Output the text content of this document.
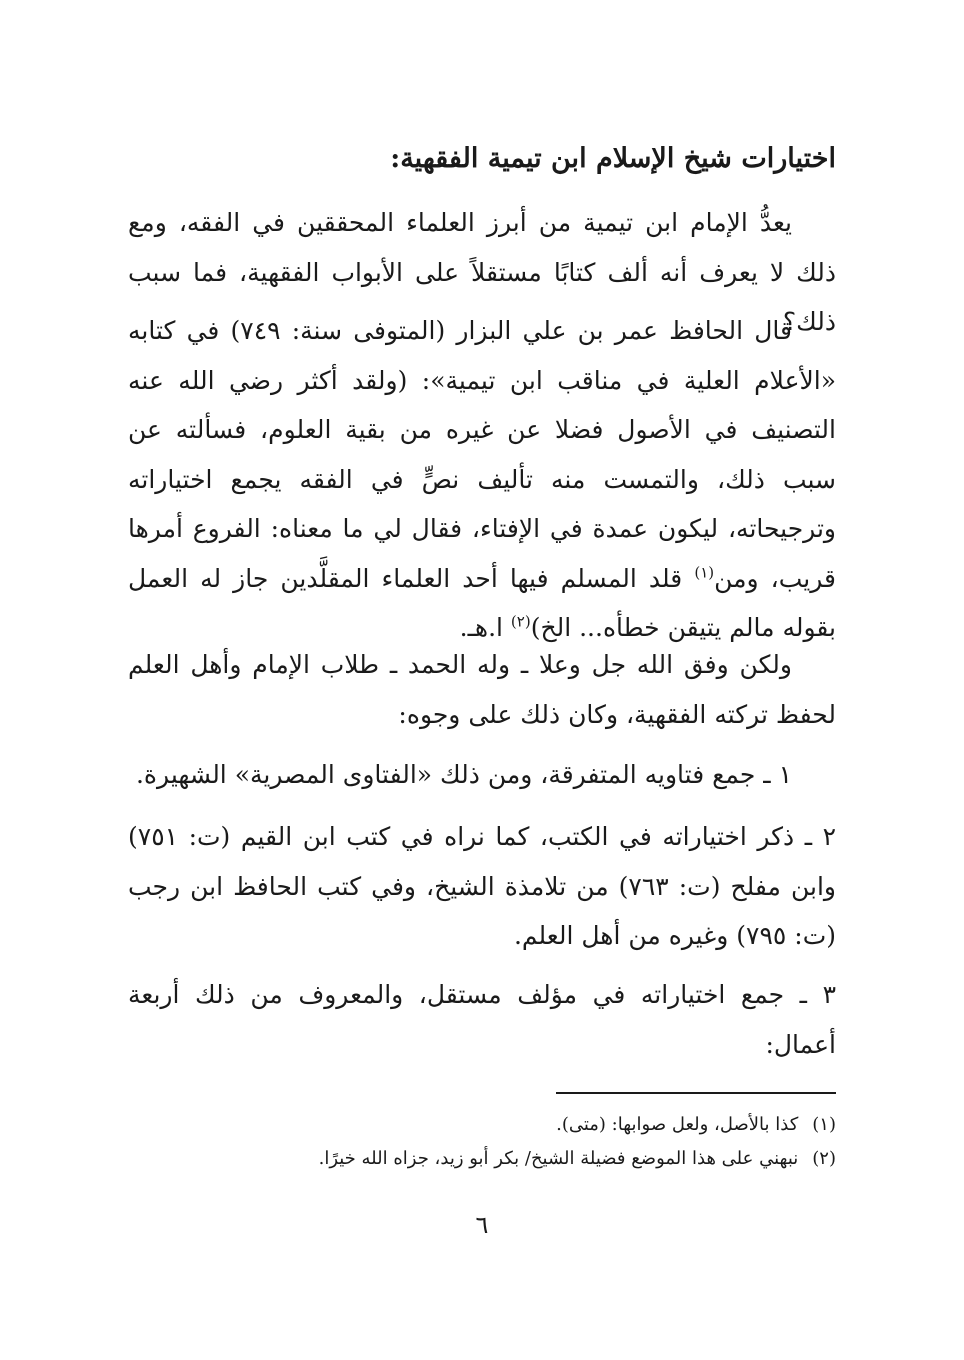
اختيارات شيخ الإسلام ابن تيمية الفقهية:

يعدُّ الإمام ابن تيمية من أبرز العلماء المحققين في الفقه، ومع ذلك لا يعرف أنه ألف كتابًا مستقلاً على الأبواب الفقهية، فما سبب ذلك؟

قال الحافظ عمر بن علي البزار (المتوفى سنة: ٧٤٩) في كتابه «الأعلام العلية في مناقب ابن تيمية»: (ولقد أكثر رضي الله عنه التصنيف في الأصول فضلا عن غيره من بقية العلوم، فسألته عن سبب ذلك، والتمست منه تأليف نصٍّ في الفقه يجمع اختياراته وترجيحاته، ليكون عمدة في الإفتاء، فقال لي ما معناه: الفروع أمرها قريب، ومن$^{(١)}$ قلد المسلم فيها أحد العلماء المقلَّدين جاز له العمل بقوله مالم يتيقن خطأه... الخ)$^{(٢)}$ ا.هـ.

ولكن وفق الله جل وعلا ـ وله الحمد ـ طلاب الإمام وأهل العلم لحفظ تركته الفقهية، وكان ذلك على وجوه:

١ ـ جمع فتاويه المتفرقة، ومن ذلك «الفتاوى المصرية» الشهيرة.

٢ ـ ذكر اختياراته في الكتب، كما نراه في كتب ابن القيم (ت: ٧٥١) وابن مفلح (ت: ٧٦٣) من تلامذة الشيخ، وفي كتب الحافظ ابن رجب (ت: ٧٩٥) وغيره من أهل العلم.

٣ ـ جمع اختياراته في مؤلف مستقل، والمعروف من ذلك أربعة أعمال:

(١)كذا بالأصل، ولعل صوابها: (متى).
(٢)نبهني على هذا الموضع فضيلة الشيخ/ بكر أبو زيد، جزاه الله خيرًا.
٦
